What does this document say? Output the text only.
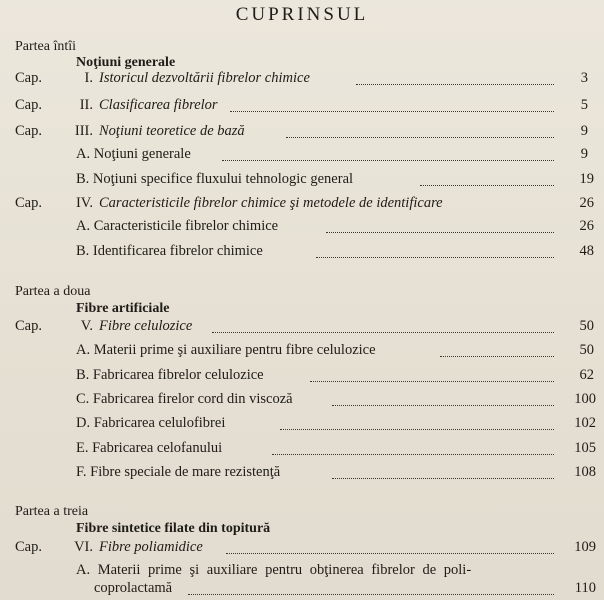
CUPRINSUL
Partea întîi
Noţiuni generale
Cap.	I. Istoricul dezvoltării fibrelor chimice	3
Cap.	II. Clasificarea fibrelor	5
Cap.	III. Noţiuni teoretice de bază	9
A. Noţiuni generale	9
B. Noţiuni specifice fluxului tehnologic general	19
Cap.	IV. Caracteristicile fibrelor chimice şi metodele de identificare	26
A. Caracteristicile fibrelor chimice	26
B. Identificarea fibrelor chimice	48
Partea a doua
Fibre artificiale
Cap.	V. Fibre celulozice	50
A. Materii prime şi auxiliare pentru fibre celulozice	50
B. Fabricarea fibrelor celulozice	62
C. Fabricarea firelor cord din viscoză	100
D. Fabricarea celulofibrei	102
E. Fabricarea celofanului	105
F. Fibre speciale de mare rezistenţă	108
Partea a treia
Fibre sintetice filate din topitură
Cap.	VI. Fibre poliamidice	109
A. Materii prime şi auxiliare pentru obţinerea fibrelor de poli-
coprolactamă	110
